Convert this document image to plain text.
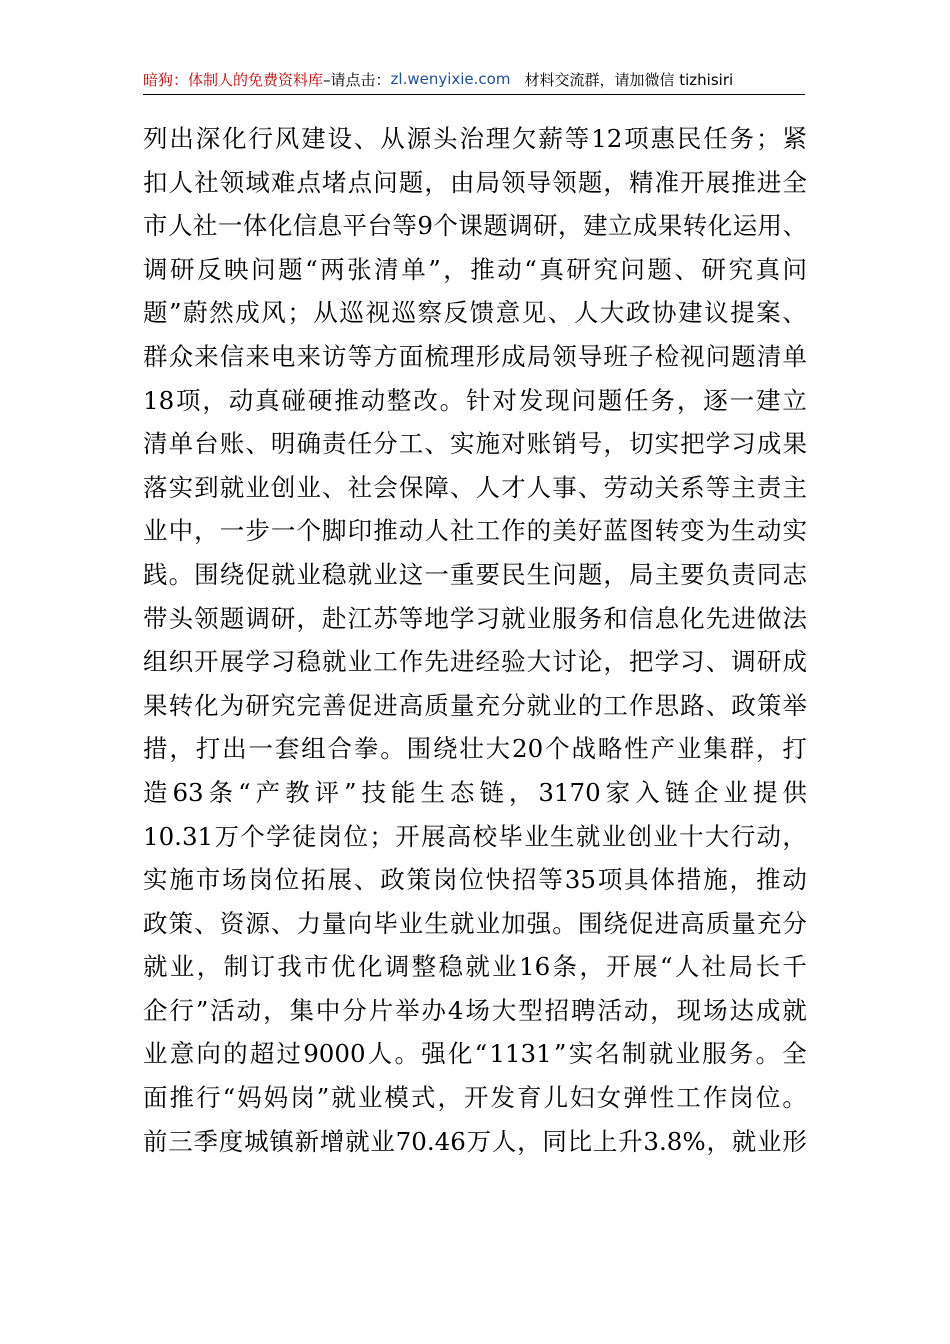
暗狗：体制人的免费资料库 –请点击： zl.wenyixie.com 材料交流群，请加微信 tizhisiri
列 出 深 化 行 风 建 设 、 从 源 头 治 理 欠 薪 等 12 项 惠 民 任 务 ； 紧
扣 人 社 领 域 难 点 堵 点 问 题 ， 由 局 领 导 领 题 ， 精 准 开 展 推 进 全
市 人 社 一 体 化 信 息 平 台 等 9 个 课 题 调 研 ， 建 立 成 果 转 化 运 用 、
调 研 反 映 问 题 “ 两 张 清 单 ” ， 推 动 “ 真 研 究 问 题 、 研 究 真 问
题 ” 蔚 然 成 风 ； 从 巡 视 巡 察 反 馈 意 见 、 人 大 政 协 建 议 提 案 、
群 众 来 信 来 电 来 访 等 方 面 梳 理 形 成 局 领 导 班 子 检 视 问 题 清 单
18 项 ， 动 真 碰 硬 推 动 整 改 。 针 对 发 现 问 题 任 务 ， 逐 一 建 立
清 单 台 账 、 明 确 责 任 分 工 、 实 施 对 账 销 号 ， 切 实 把 学 习 成 果
落 实 到 就 业 创 业 、 社 会 保 障 、 人 才 人 事 、 劳 动 关 系 等 主 责 主
业 中 ， 一 步 一 个 脚 印 推 动 人 社 工 作 的 美 好 蓝 图 转 变 为 生 动 实
践 。 围 绕 促 就 业 稳 就 业 这 一 重 要 民 生 问 题 ， 局 主 要 负 责 同 志
带 头 领 题 调 研 ， 赴 江 苏 等 地 学 习 就 业 服 务 和 信 息 化 先 进 做 法
组 织 开 展 学 习 稳 就 业 工 作 先 进 经 验 大 讨 论 ， 把 学 习 、 调 研 成
果 转 化 为 研 究 完 善 促 进 高 质 量 充 分 就 业 的 工 作 思 路 、 政 策 举
措 ， 打 出 一 套 组 合 拳 。 围 绕 壮 大 20 个 战 略 性 产 业 集 群 ， 打
造 63 条 “ 产 教 评 ” 技 能 生 态 链 ， 3170 家 入 链 企 业 提 供
10.31 万 个 学 徒 岗 位 ； 开 展 高 校 毕 业 生 就 业 创 业 十 大 行 动 ，
实 施 市 场 岗 位 拓 展 、 政 策 岗 位 快 招 等 35 项 具 体 措 施 ， 推 动
政 策 、 资 源 、 力 量 向 毕 业 生 就 业 加 强 。 围 绕 促 进 高 质 量 充 分
就 业 ， 制 订 我 市 优 化 调 整 稳 就 业 16 条 ， 开 展 “ 人 社 局 长 千
企 行 ” 活 动 ， 集 中 分 片 举 办 4 场 大 型 招 聘 活 动 ， 现 场 达 成 就
业 意 向 的 超 过 9000 人 。 强 化 “ 1131 ” 实 名 制 就 业 服 务 。 全
面 推 行 “ 妈 妈 岗 ” 就 业 模 式 ， 开 发 育 儿 妇 女 弹 性 工 作 岗 位 。
前 三 季 度 城 镇 新 增 就 业 70.46 万 人 ， 同 比 上 升 3.8% ， 就 业 形
